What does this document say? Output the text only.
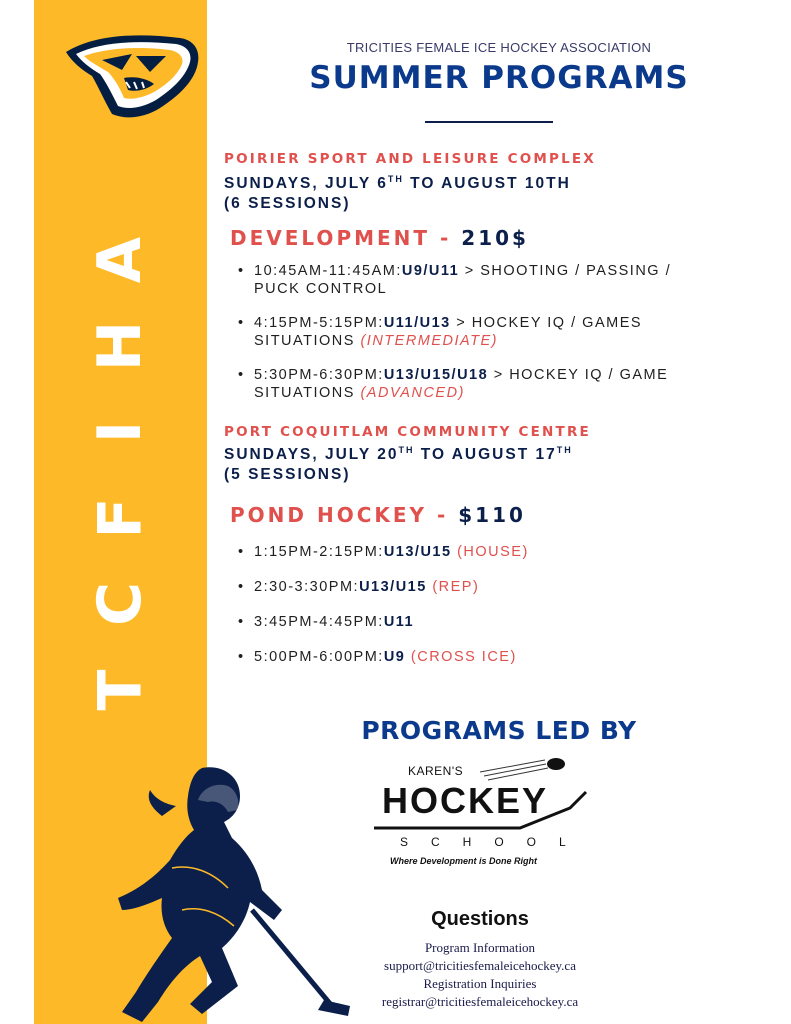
A
H
I
F
C
T
TRICITIES FEMALE ICE HOCKEY ASSOCIATION
SUMMER PROGRAMS
POIRIER SPORT AND LEISURE COMPLEX
SUNDAYS, JULY 6TH TO AUGUST 10TH
(6 SESSIONS)
DEVELOPMENT - 210$
• 10:45AM-11:45AM:U9/U11 > SHOOTING / PASSING /
PUCK CONTROL
• 4:15PM-5:15PM:U11/U13 > HOCKEY IQ / GAMES
SITUATIONS (INTERMEDIATE)
• 5:30PM-6:30PM:U13/U15/U18 > HOCKEY IQ / GAME
SITUATIONS (ADVANCED)
PORT COQUITLAM COMMUNITY CENTRE
SUNDAYS, JULY 20TH TO AUGUST 17TH
(5 SESSIONS)
POND HOCKEY - $110
• 1:15PM-2:15PM:U13/U15 (HOUSE)
• 2:30-3:30PM:U13/U15 (REP)
• 3:45PM-4:45PM:U11
• 5:00PM-6:00PM:U9 (CROSS ICE)
PROGRAMS LED BY
KAREN'S
HOCKEY
SCHOOL
Where Development is Done Right
Questions
Program Information
support@tricitiesfemaleicehockey.ca
Registration Inquiries
registrar@tricitiesfemaleicehockey.ca
